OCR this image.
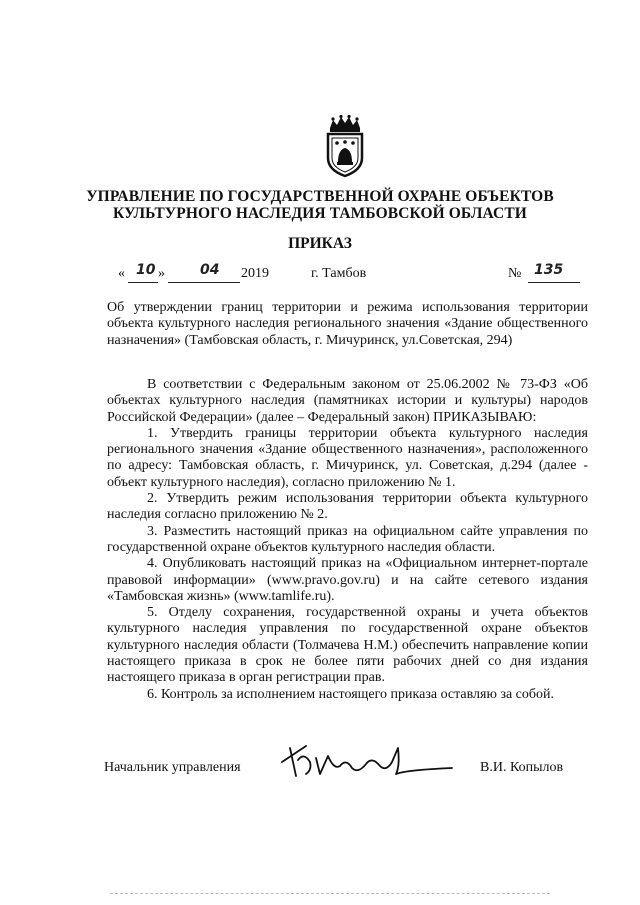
УПРАВЛЕНИЕ ПО ГОСУДАРСТВЕННОЙ ОХРАНЕ ОБЪЕКТОВ
КУЛЬТУРНОГО НАСЛЕДИЯ ТАМБОВСКОЙ ОБЛАСТИ
ПРИКАЗ
« 10 »	04 2019	г. Тамбов	№ 135

Об утверждении границ территории и режима использования территории объекта культурного наследия регионального значения «Здание общественного назначения» (Тамбовская область, г. Мичуринск, ул.Советская, 294)

В соответствии с Федеральным законом от 25.06.2002 № 73-ФЗ «Об объектах культурного наследия (памятниках истории и культуры) народов Российской Федерации» (далее – Федеральный закон) ПРИКАЗЫВАЮ:

1. Утвердить границы территории объекта культурного наследия регионального значения «Здание общественного назначения», расположенного по адресу: Тамбовская область, г. Мичуринск, ул. Советская, д.294 (далее - объект культурного наследия), согласно приложению № 1.

2. Утвердить режим использования территории объекта культурного наследия согласно приложению № 2.

3. Разместить настоящий приказ на официальном сайте управления по государственной охране объектов культурного наследия области.

4. Опубликовать настоящий приказ на «Официальном интернет-портале правовой информации» (www.pravo.gov.ru) и на сайте сетевого издания «Тамбовская жизнь» (www.tamlife.ru).

5. Отделу сохранения, государственной охраны и учета объектов культурного наследия управления по государственной охране объектов культурного наследия области (Толмачева Н.М.) обеспечить направление копии настоящего приказа в срок не более пяти рабочих дней со дня издания настоящего приказа в орган регистрации прав.

6. Контроль за исполнением настоящего приказа оставляю за собой.

Начальник управления	В.И. Копылов
